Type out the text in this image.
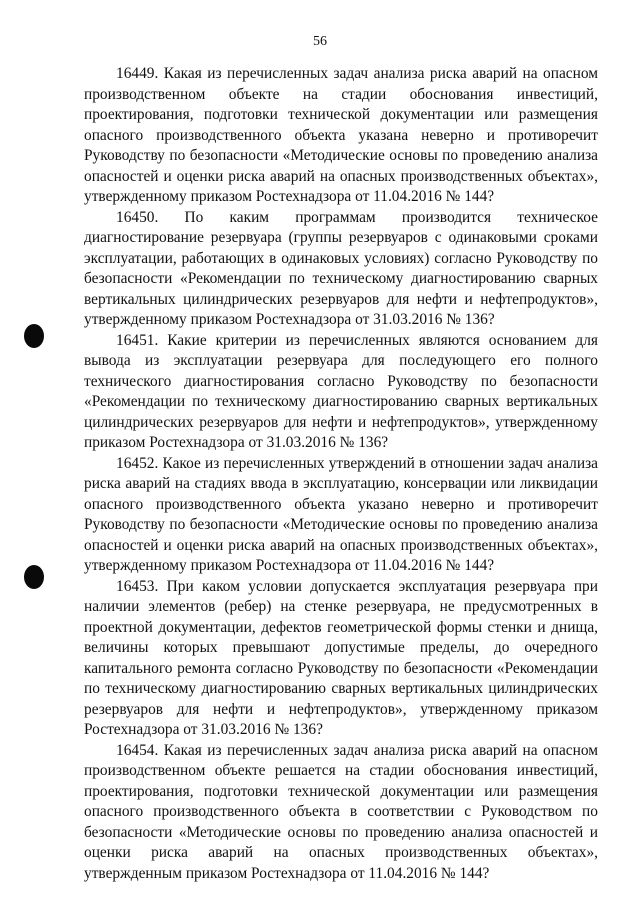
56

16449. Какая из перечисленных задач анализа риска аварий на опасном производственном объекте на стадии обоснования инвестиций, проектирования, подготовки технической документации или размещения опасного производственного объекта указана неверно и противоречит Руководству по безопасности «Методические основы по проведению анализа опасностей и оценки риска аварий на опасных производственных объектах», утвержденному приказом Ростехнадзора от 11.04.2016 № 144?

16450. По каким программам производится техническое диагностирование резервуара (группы резервуаров с одинаковыми сроками эксплуатации, работающих в одинаковых условиях) согласно Руководству по безопасности «Рекомендации по техническому диагностированию сварных вертикальных цилиндрических резервуаров для нефти и нефтепродуктов», утвержденному приказом Ростехнадзора от 31.03.2016 № 136?

16451. Какие критерии из перечисленных являются основанием для вывода из эксплуатации резервуара для последующего его полного технического диагностирования согласно Руководству по безопасности «Рекомендации по техническому диагностированию сварных вертикальных цилиндрических резервуаров для нефти и нефтепродуктов», утвержденному приказом Ростехнадзора от 31.03.2016 № 136?

16452. Какое из перечисленных утверждений в отношении задач анализа риска аварий на стадиях ввода в эксплуатацию, консервации или ликвидации опасного производственного объекта указано неверно и противоречит Руководству по безопасности «Методические основы по проведению анализа опасностей и оценки риска аварий на опасных производственных объектах», утвержденному приказом Ростехнадзора от 11.04.2016 № 144?

16453. При каком условии допускается эксплуатация резервуара при наличии элементов (ребер) на стенке резервуара, не предусмотренных в проектной документации, дефектов геометрической формы стенки и днища, величины которых превышают допустимые пределы, до очередного капитального ремонта согласно Руководству по безопасности «Рекомендации по техническому диагностированию сварных вертикальных цилиндрических резервуаров для нефти и нефтепродуктов», утвержденному приказом Ростехнадзора от 31.03.2016 № 136?

16454. Какая из перечисленных задач анализа риска аварий на опасном производственном объекте решается на стадии обоснования инвестиций, проектирования, подготовки технической документации или размещения опасного производственного объекта в соответствии с Руководством по безопасности «Методические основы по проведению анализа опасностей и оценки риска аварий на опасных производственных объектах», утвержденным приказом Ростехнадзора от 11.04.2016 № 144?
